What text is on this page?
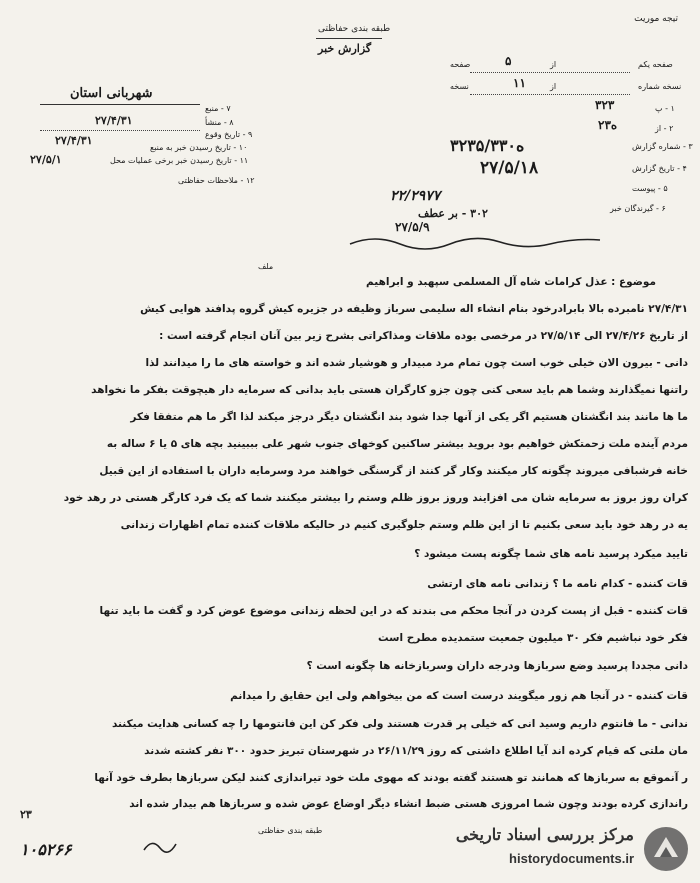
تیجه موریت
طبقه بندی حفاظتی
گزارش خبر
شهربانی استان
۷ - منبع
۸ - منشأ
۹ - تاریخ وقوع
۲۷/۴/۳۱
۱۰ - تاریخ رسیدن خبر به منبع
۲۷/۴/۳۱
۱۱ - تاریخ رسیدن خبر برخی عملیات محل
۲۷/۵/۱
۱۲ - ملاحظات حفاظتی
صفحه یکم
از
۵
صفحه
نسخه شماره
از
۱۱
نسخه
۱ - پ
۳۲۳
۲ - از
۲ه۳
۳ - شماره گزارش
۳۲۳۵/۳ه۳۰
۴ - تاریخ گزارش
۲۷/۵/۱۸
۵ - پیوست
۶ - گیرندگان خبر
۲۲/۲۹۷۷
۳۰۲ - بر عطف
۲۷/۵/۹
ملف
موضوع : عذل کرامات شاه آل المسلمی سپهبد و ابراهیم
۲۷/۴/۳۱ نامبرده بالا بابرادرخود بنام انشاء اله سلیمی سرباز وظیفه در جزیره کیش گروه پدافند هوایی کیش
از تاریخ ۲۷/۴/۲۶ الی ۲۷/۵/۱۴ در مرخصی بوده ملاقات ومذاکراتی بشرح زیر بین آنان انجام گرفته است :
دانی - بیرون الان خیلی خوب است چون تمام مرد مبیدار و هوشیار شده اند و خواسته های ما را میدانند لذا
راتنها نمیگذارند وشما هم باید سعی کنی چون جزو کارگران هستی باید بدانی که سرمایه دار هیچوقت بفکر ما نخواهد
ما ها مانند بند انگشتان هستیم اگر یکی از آنها جدا شود بند انگشتان دیگر درجز میکند لذا اگر ما هم متفقا فکر
مردم آینده ملت زحمتکش خواهیم بود بروید بیشتر ساکنین کوخهای جنوب شهر علی بببینید بچه های ۵ یا ۶ ساله به
خانه فرشبافی میروند چگونه کار میکنند وکار گر کنند از گرسنگی خواهند مرد وسرمایه داران با استفاده از این قبیل
کران روز بروز به سرمایه شان می افزایند وروز بروز ظلم وستم را بیشتر میکنند شما که یک فرد کارگر هستی در رهد خود
یه در رهد خود باید سعی بکنیم تا از این ظلم وستم جلوگیری کنیم در حالیکه ملاقات کننده تمام اظهارات زندانی
تایید میکرد پرسید نامه های شما چگونه پست میشود ؟
قات کننده - کدام نامه ما ؟ زندانی نامه های ارتشی
قات کننده - قبل از پست کردن در آنجا محکم می بندند که در این لحظه زندانی موضوع عوض کرد و گفت ما باید تنها
فکر خود نباشیم فکر ۳۰ میلیون جمعیت ستمدیده مطرح است
دانی مجددا پرسید وضع سربازها ودرجه داران وسربازخانه ها چگونه است ؟
قات کننده - در آنجا هم زور میگویند درست است که من بیخواهم ولی این حقایق را میدانم
ندانی - ما فانتوم داریم وسید انی که خیلی پر قدرت هستند ولی فکر کن این فانتومها را چه کسانی هدایت میکنند
مان ملتی که قیام کرده اند آیا اطلاع داشتی که روز ۲۶/۱۱/۲۹ در شهرستان تبریز حدود ۳۰۰ نفر کشته شدند
ر آنموقع به سربازها که همانند تو هستند گفته بودند که مهوی ملت خود تیراندازی کنند لیکن سربازها بطرف خود آنها
راندازی کرده بودند وچون شما امروزی هستی ضبط انشاء دیگر اوضاع عوض شده و سربازها هم بیدار شده اند
طبقه بندی حفاظتی
۱۰۵۲۶۶
۲۳
مرکز بررسی اسناد تاریخی
historydocuments.ir
